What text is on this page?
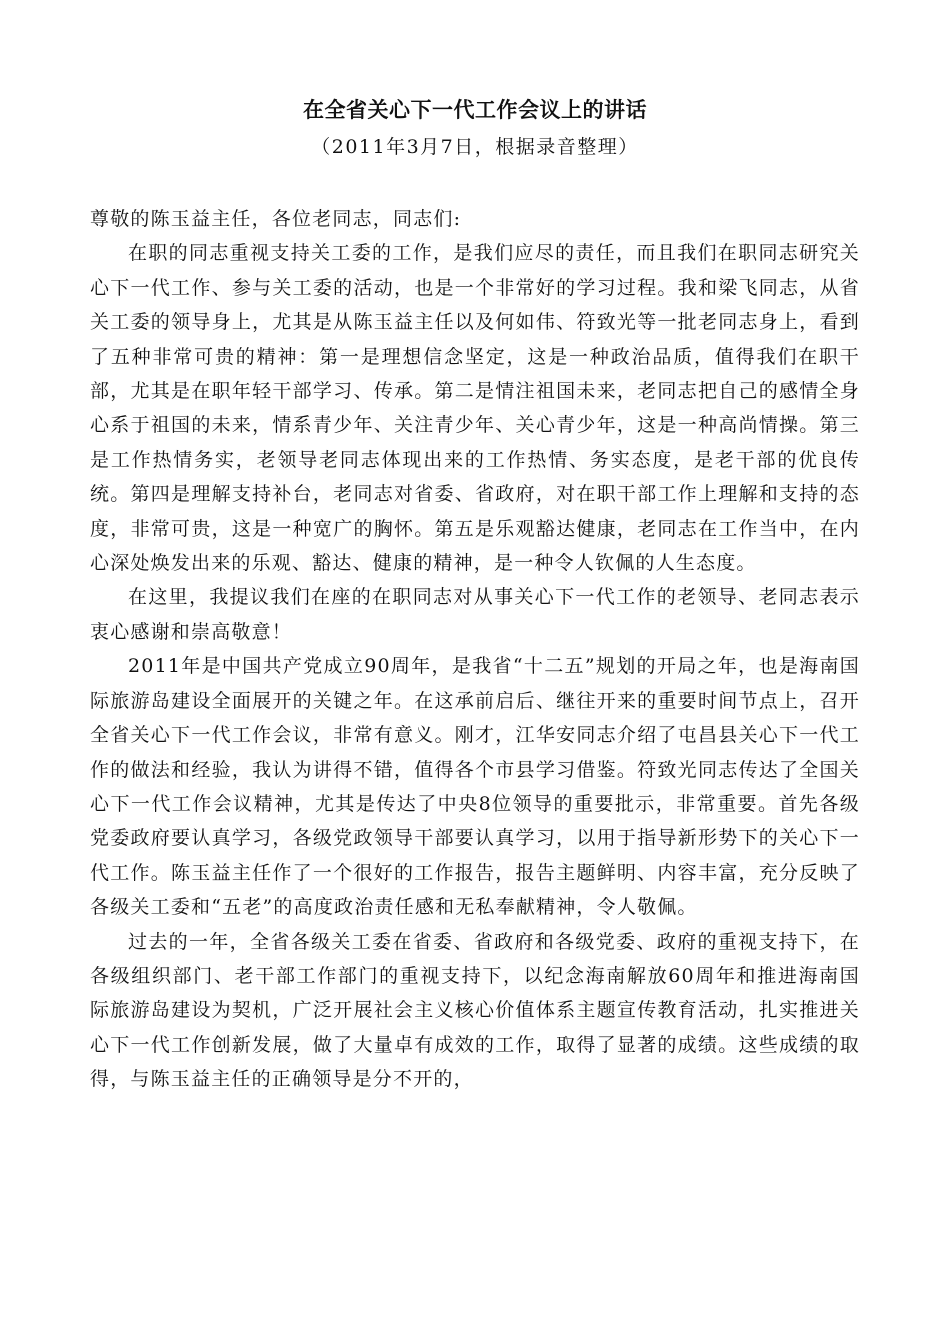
在全省关心下一代工作会议上的讲话
（2011年3月7日，根据录音整理）

尊敬的陈玉益主任，各位老同志，同志们:

在职的同志重视支持关工委的工作，是我们应尽的责任，而且我们在职同志研究关心下一代工作、参与关工委的活动，也是一个非常好的学习过程。我和梁飞同志，从省关工委的领导身上，尤其是从陈玉益主任以及何如伟、符致光等一批老同志身上，看到了五种非常可贵的精神：第一是理想信念坚定，这是一种政治品质，值得我们在职干部，尤其是在职年轻干部学习、传承。第二是情注祖国未来，老同志把自己的感情全身心系于祖国的未来，情系青少年、关注青少年、关心青少年，这是一种高尚情操。第三是工作热情务实，老领导老同志体现出来的工作热情、务实态度，是老干部的优良传统。第四是理解支持补台，老同志对省委、省政府，对在职干部工作上理解和支持的态度，非常可贵，这是一种宽广的胸怀。第五是乐观豁达健康，老同志在工作当中，在内心深处焕发出来的乐观、豁达、健康的精神，是一种令人钦佩的人生态度。

在这里，我提议我们在座的在职同志对从事关心下一代工作的老领导、老同志表示衷心感谢和崇高敬意！

2011年是中国共产党成立90周年，是我省“十二五”规划的开局之年，也是海南国际旅游岛建设全面展开的关键之年。在这承前启后、继往开来的重要时间节点上，召开全省关心下一代工作会议，非常有意义。刚才，江华安同志介绍了屯昌县关心下一代工作的做法和经验，我认为讲得不错，值得各个市县学习借鉴。符致光同志传达了全国关心下一代工作会议精神，尤其是传达了中央8位领导的重要批示，非常重要。首先各级党委政府要认真学习，各级党政领导干部要认真学习，以用于指导新形势下的关心下一代工作。陈玉益主任作了一个很好的工作报告，报告主题鲜明、内容丰富，充分反映了各级关工委和“五老”的高度政治责任感和无私奉献精神，令人敬佩。

过去的一年，全省各级关工委在省委、省政府和各级党委、政府的重视支持下，在各级组织部门、老干部工作部门的重视支持下，以纪念海南解放60周年和推进海南国际旅游岛建设为契机，广泛开展社会主义核心价值体系主题宣传教育活动，扎实推进关心下一代工作创新发展，做了大量卓有成效的工作，取得了显著的成绩。这些成绩的取得，与陈玉益主任的正确领导是分不开的，
